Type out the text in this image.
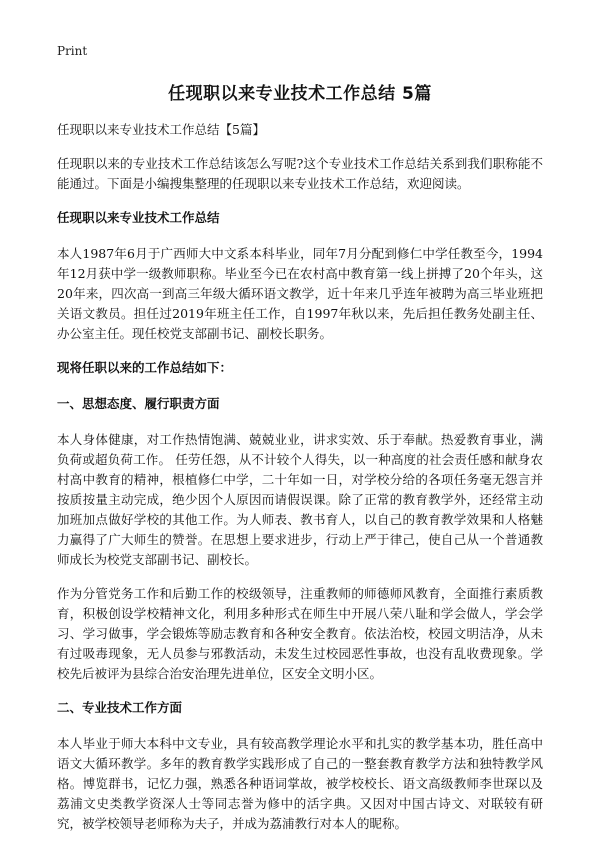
Print
任现职以来专业技术工作总结 5篇

任现职以来专业技术工作总结【5篇】

任现职以来的专业技术工作总结该怎么写呢?这个专业技术工作总结关系到我们职称能不能通过。下面是小编搜集整理的任现职以来专业技术工作总结，欢迎阅读。

任现职以来专业技术工作总结

本人1987年6月于广西师大中文系本科毕业，同年7月分配到修仁中学任教至今，1994年12月获中学一级教师职称。毕业至今已在农村高中教育第一线上拼搏了20个年头，这20年来，四次高一到高三年级大循环语文教学，近十年来几乎连年被聘为高三毕业班把关语文教员。担任过2019年班主任工作，自1997年秋以来，先后担任教务处副主任、办公室主任。现任校党支部副书记、副校长职务。

现将任职以来的工作总结如下：

一、思想态度、履行职责方面

本人身体健康，对工作热情饱满、兢兢业业，讲求实效、乐于奉献。热爱教育事业，满负荷或超负荷工作。 任劳任怨，从不计较个人得失，以一种高度的社会责任感和献身农村高中教育的精神，根植修仁中学，二十年如一日，对学校分给的各项任务毫无怨言并按质按量主动完成，绝少因个人原因而请假误课。除了正常的教育教学外，还经常主动加班加点做好学校的其他工作。为人师表、教书育人，以自己的教育教学效果和人格魅力赢得了广大师生的赞誉。在思想上要求进步，行动上严于律己，使自己从一个普通教师成长为校党支部副书记、副校长。

作为分管党务工作和后勤工作的校级领导，注重教师的师德师风教育，全面推行素质教育，积极创设学校精神文化，利用多种形式在师生中开展八荣八耻和学会做人，学会学习、学习做事，学会锻炼等励志教育和各种安全教育。依法治校，校园文明洁净，从未有过吸毒现象，无人员参与邪教活动，未发生过校园恶性事故，也没有乱收费现象。学校先后被评为县综合治安治理先进单位，区安全文明小区。

二、专业技术工作方面

本人毕业于师大本科中文专业，具有较高教学理论水平和扎实的教学基本功，胜任高中语文大循环教学。多年的教育教学实践形成了自己的一整套教育教学方法和独特教学风格。博览群书，记忆力强，熟悉各种语词掌故，被学校校长、语文高级教师李世琛以及荔浦文史类教学资深人士等同志誉为修中的活字典。又因对中国古诗文、对联较有研究，被学校领导老师称为夫子，并成为荔浦教行对本人的昵称。
